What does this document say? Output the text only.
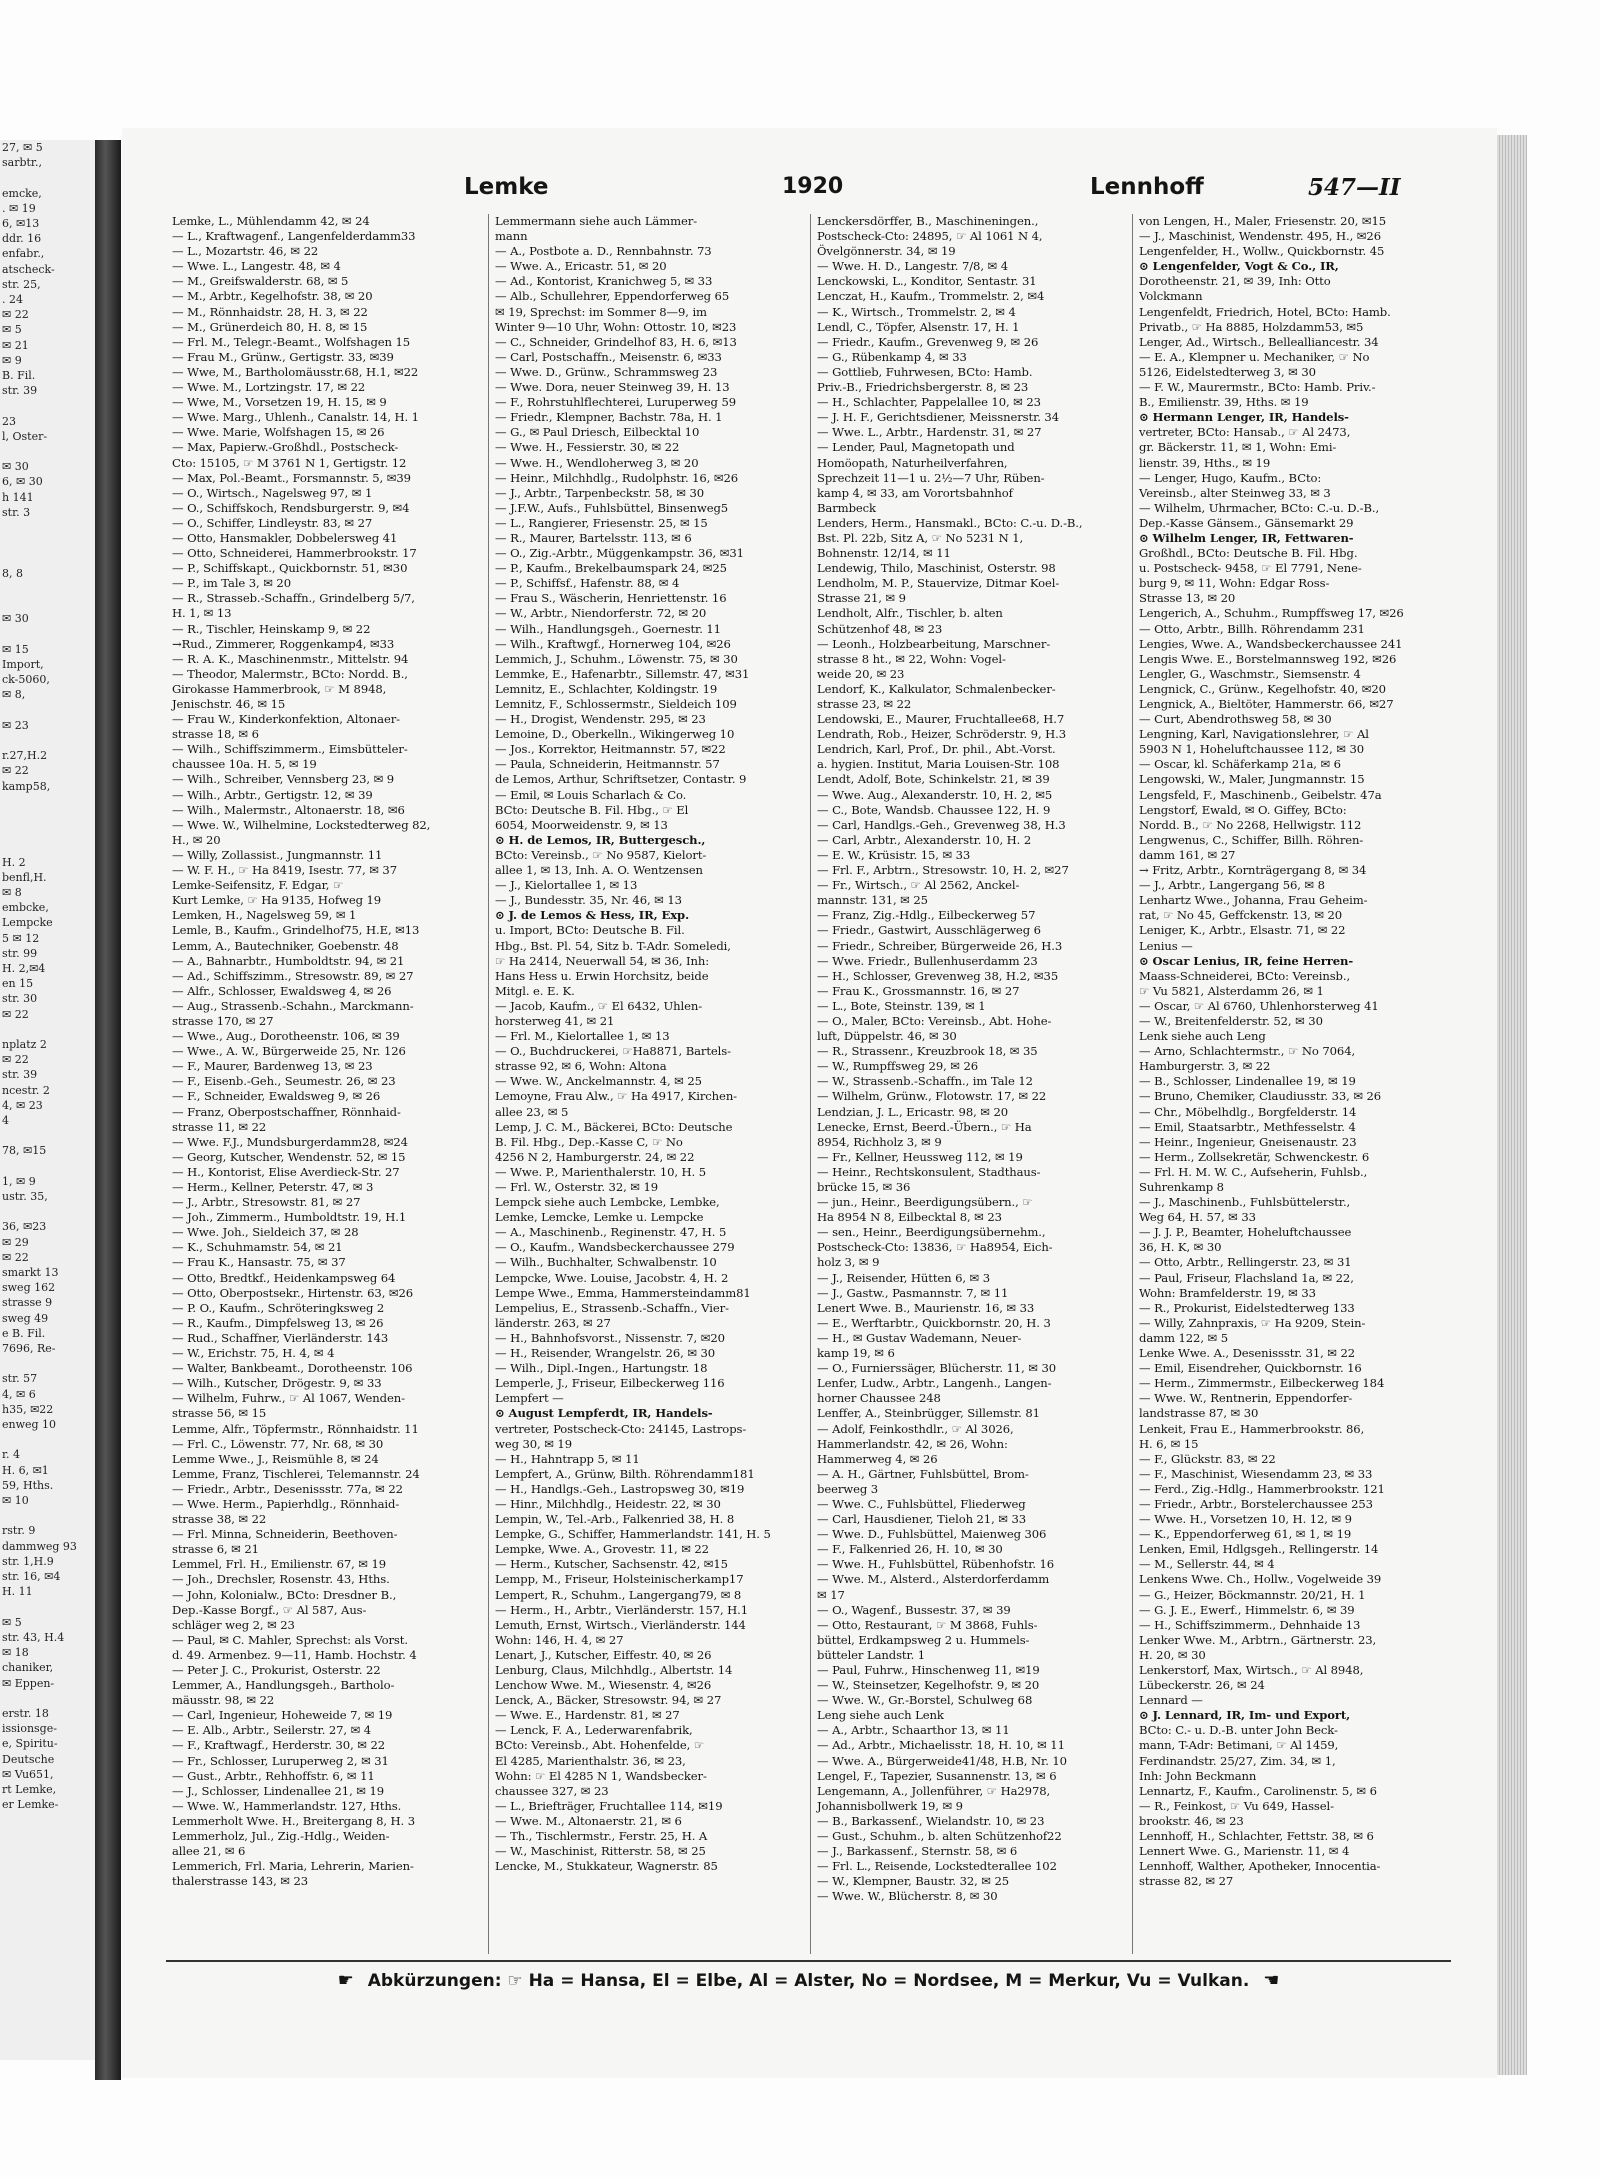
27, ✉ 5
sarbtr.,

emcke,
. ✉ 19
6, ✉13
ddr. 16
enfabr.,
atscheck-
str. 25,
. 24
✉ 22
✉ 5
✉ 21
✉ 9
B. Fil.
str. 39

23
l, Oster-

✉ 30
6, ✉ 30
h 141
str. 3

8, 8

✉ 30

✉ 15
Import,
ck-5060,
✉ 8,

✉ 23

r.27,H.2
✉ 22
kamp58,

H. 2
benfl,H.
✉ 8
embcke,
Lempcke
5 ✉ 12
str. 99
H. 2,✉4
en 15
str. 30
✉ 22

nplatz 2
✉ 22
str. 39
ncestr. 2
4, ✉ 23
4

78, ✉15

1, ✉ 9
ustr. 35,

36, ✉23
✉ 29
✉ 22
smarkt 13
sweg 162
strasse 9
sweg 49
e B. Fil.
7696, Re-

str. 57
4, ✉ 6
h35, ✉22
enweg 10

r. 4
H. 6, ✉1
59, Hths.
✉ 10

rstr. 9
dammweg 93
str. 1,H.9
str. 16, ✉4
H. 11

✉ 5
str. 43, H.4
✉ 18
chaniker,
✉ Eppen-

erstr. 18
issionsge-
e, Spiritu-
Deutsche
✉ Vu651,
rt Lemke,
er Lemke-
Lemke	1920	Lennhoff	547—II
Lemke, L., Mühlendamm 42, ✉ 24
— L., Kraftwagenf., Langenfelderdamm33
— L., Mozartstr. 46, ✉ 22
— Wwe. L., Langestr. 48, ✉ 4
— M., Greifswalderstr. 68, ✉ 5
— M., Arbtr., Kegelhofstr. 38, ✉ 20
— M., Rönnhaidstr. 28, H. 3, ✉ 22
— M., Grünerdeich 80, H. 8, ✉ 15
— Frl. M., Telegr.-Beamt., Wolfshagen 15
— Frau M., Grünw., Gertigstr. 33, ✉39
— Wwe, M., Bartholomäusstr.68, H.1, ✉22
— Wwe. M., Lortzingstr. 17, ✉ 22
— Wwe, M., Vorsetzen 19, H. 15, ✉ 9
— Wwe. Marg., Uhlenh., Canalstr. 14, H. 1
— Wwe. Marie, Wolfshagen 15, ✉ 26
— Max, Papierw.-Großhdl., Postscheck-
Cto: 15105, ☞ M 3761 N 1, Gertigstr. 12
— Max, Pol.-Beamt., Forsmannstr. 5, ✉39
— O., Wirtsch., Nagelsweg 97, ✉ 1
— O., Schiffskoch, Rendsburgerstr. 9, ✉4
— O., Schiffer, Lindleystr. 83, ✉ 27
— Otto, Hansmakler, Dobbelersweg 41
— Otto, Schneiderei, Hammerbrookstr. 17
— P., Schiffskapt., Quickbornstr. 51, ✉30
— P., im Tale 3, ✉ 20
— R., Strasseb.-Schaffn., Grindelberg 5/7,
H. 1, ✉ 13
— R., Tischler, Heinskamp 9, ✉ 22
→Rud., Zimmerer, Roggenkamp4, ✉33
— R. A. K., Maschinenmstr., Mittelstr. 94
— Theodor, Malermstr., BCto: Nordd. B.,
Girokasse Hammerbrook, ☞ M 8948,
Jenischstr. 46, ✉ 15
— Frau W., Kinderkonfektion, Altonaer-
strasse 18, ✉ 6
— Wilh., Schiffszimmerm., Eimsbütteler-
chaussee 10a. H. 5, ✉ 19
— Wilh., Schreiber, Vennsberg 23, ✉ 9
— Wilh., Arbtr., Gertigstr. 12, ✉ 39
— Wilh., Malermstr., Altonaerstr. 18, ✉6
— Wwe. W., Wilhelmine, Lockstedterweg 82,
H., ✉ 20
— Willy, Zollassist., Jungmannstr. 11
— W. F. H., ☞ Ha 8419, Isestr. 77, ✉ 37
Lemke-Seifensitz, F. Edgar, ☞
Kurt Lemke, ☞ Ha 9135, Hofweg 19
Lemken, H., Nagelsweg 59, ✉ 1
Lemle, B., Kaufm., Grindelhof75, H.E, ✉13
Lemm, A., Bautechniker, Goebenstr. 48
— A., Bahnarbtr., Humboldtstr. 94, ✉ 21
— Ad., Schiffszimm., Stresowstr. 89, ✉ 27
— Alfr., Schlosser, Ewaldsweg 4, ✉ 26
— Aug., Strassenb.-Schahn., Marckmann-
strasse 170, ✉ 27
— Wwe., Aug., Dorotheenstr. 106, ✉ 39
— Wwe., A. W., Bürgerweide 25, Nr. 126
— F., Maurer, Bardenweg 13, ✉ 23
— F., Eisenb.-Geh., Seumestr. 26, ✉ 23
— F., Schneider, Ewaldsweg 9, ✉ 26
— Franz, Oberpostschaffner, Rönnhaid-
strasse 11, ✉ 22
— Wwe. F.J., Mundsburgerdamm28, ✉24
— Georg, Kutscher, Wendenstr. 52, ✉ 15
— H., Kontorist, Elise Averdieck-Str. 27
— Herm., Kellner, Peterstr. 47, ✉ 3
— J., Arbtr., Stresowstr. 81, ✉ 27
— Joh., Zimmerm., Humboldtstr. 19, H.1
— Wwe. Joh., Sieldeich 37, ✉ 28
— K., Schuhmamstr. 54, ✉ 21
— Frau K., Hansastr. 75, ✉ 37
— Otto, Bredtkf., Heidenkampsweg 64
— Otto, Oberpostsekr., Hirtenstr. 63, ✉26
— P. O., Kaufm., Schröteringksweg 2
— R., Kaufm., Dimpfelsweg 13, ✉ 26
— Rud., Schaffner, Vierländerstr. 143
— W., Erichstr. 75, H. 4, ✉ 4
— Walter, Bankbeamt., Dorotheenstr. 106
— Wilh., Kutscher, Drögestr. 9, ✉ 33
— Wilhelm, Fuhrw., ☞ Al 1067, Wenden-
strasse 56, ✉ 15
Lemme, Alfr., Töpfermstr., Rönnhaidstr. 11
— Frl. C., Löwenstr. 77, Nr. 68, ✉ 30
Lemme Wwe., J., Reismühle 8, ✉ 24
Lemme, Franz, Tischlerei, Telemannstr. 24
— Friedr., Arbtr., Desenissstr. 77a, ✉ 22
— Wwe. Herm., Papierhdlg., Rönnhaid-
strasse 38, ✉ 22
— Frl. Minna, Schneiderin, Beethoven-
strasse 6, ✉ 21
Lemmel, Frl. H., Emilienstr. 67, ✉ 19
— Joh., Drechsler, Rosenstr. 43, Hths.
— John, Kolonialw., BCto: Dresdner B.,
Dep.-Kasse Borgf., ☞ Al 587, Aus-
schläger weg 2, ✉ 23
— Paul, ✉ C. Mahler, Sprechst: als Vorst.
d. 49. Armenbez. 9—11, Hamb. Hochstr. 4
— Peter J. C., Prokurist, Osterstr. 22
Lemmer, A., Handlungsgeh., Bartholo-
mäusstr. 98, ✉ 22
— Carl, Ingenieur, Hoheweide 7, ✉ 19
— E. Alb., Arbtr., Seilerstr. 27, ✉ 4
— F., Kraftwagf., Herderstr. 30, ✉ 22
— Fr., Schlosser, Luruperweg 2, ✉ 31
— Gust., Arbtr., Rehhoffstr. 6, ✉ 11
— J., Schlosser, Lindenallee 21, ✉ 19
— Wwe. W., Hammerlandstr. 127, Hths.
Lemmerholt Wwe. H., Breitergang 8, H. 3
Lemmerholz, Jul., Zig.-Hdlg., Weiden-
allee 21, ✉ 6
Lemmerich, Frl. Maria, Lehrerin, Marien-
thalerstrasse 143, ✉ 23
Lemmermann siehe auch Lämmer-
mann
— A., Postbote a. D., Rennbahnstr. 73
— Wwe. A., Ericastr. 51, ✉ 20
— Ad., Kontorist, Kranichweg 5, ✉ 33
— Alb., Schullehrer, Eppendorferweg 65
✉ 19, Sprechst: im Sommer 8—9, im
Winter 9—10 Uhr, Wohn: Ottostr. 10, ✉23
— C., Schneider, Grindelhof 83, H. 6, ✉13
— Carl, Postschaffn., Meisenstr. 6, ✉33
— Wwe. D., Grünw., Schrammsweg 23
— Wwe. Dora, neuer Steinweg 39, H. 13
— F., Rohrstuhlflechterei, Luruperweg 59
— Friedr., Klempner, Bachstr. 78a, H. 1
— G., ✉ Paul Driesch, Eilbecktal 10
— Wwe. H., Fessierstr. 30, ✉ 22
— Wwe. H., Wendloherweg 3, ✉ 20
— Heinr., Milchhdlg., Rudolphstr. 16, ✉26
— J., Arbtr., Tarpenbeckstr. 58, ✉ 30
— J.F.W., Aufs., Fuhlsbüttel, Binsenweg5
— L., Rangierer, Friesenstr. 25, ✉ 15
— R., Maurer, Bartelsstr. 113, ✉ 6
— O., Zig.-Arbtr., Müggenkampstr. 36, ✉31
— P., Kaufm., Brekelbaumspark 24, ✉25
— P., Schiffsf., Hafenstr. 88, ✉ 4
— Frau S., Wäscherin, Henriettenstr. 16
— W., Arbtr., Niendorferstr. 72, ✉ 20
— Wilh., Handlungsgeh., Goernestr. 11
— Wilh., Kraftwgf., Hornerweg 104, ✉26
Lemmich, J., Schuhm., Löwenstr. 75, ✉ 30
Lemmke, E., Hafenarbtr., Sillemstr. 47, ✉31
Lemnitz, E., Schlachter, Koldingstr. 19
Lemnitz, F., Schlossermstr., Sieldeich 109
— H., Drogist, Wendenstr. 295, ✉ 23
Lemoine, D., Oberkelln., Wikingerweg 10
— Jos., Korrektor, Heitmannstr. 57, ✉22
— Paula, Schneiderin, Heitmannstr. 57
de Lemos, Arthur, Schriftsetzer, Contastr. 9
— Emil, ✉ Louis Scharlach & Co.
BCto: Deutsche B. Fil. Hbg., ☞ El
6054, Moorweidenstr. 9, ✉ 13
⊙ H. de Lemos, IR, Buttergesch.,
BCto: Vereinsb., ☞ No 9587, Kielort-
allee 1, ✉ 13, Inh. A. O. Wentzensen
— J., Kielortallee 1, ✉ 13
— J., Bundesstr. 35, Nr. 46, ✉ 13
⊙ J. de Lemos & Hess, IR, Exp.
u. Import, BCto: Deutsche B. Fil.
Hbg., Bst. Pl. 54, Sitz b. T-Adr. Someledi,
☞ Ha 2414, Neuerwall 54, ✉ 36, Inh:
Hans Hess u. Erwin Horchsitz, beide
Mitgl. e. E. K.
— Jacob, Kaufm., ☞ El 6432, Uhlen-
horsterweg 41, ✉ 21
— Frl. M., Kielortallee 1, ✉ 13
— O., Buchdruckerei, ☞Ha8871, Bartels-
strasse 92, ✉ 6, Wohn: Altona
— Wwe. W., Anckelmannstr. 4, ✉ 25
Lemoyne, Frau Alw., ☞ Ha 4917, Kirchen-
allee 23, ✉ 5
Lemp, J. C. M., Bäckerei, BCto: Deutsche
B. Fil. Hbg., Dep.-Kasse C, ☞ No
4256 N 2, Hamburgerstr. 24, ✉ 22
— Wwe. P., Marienthalerstr. 10, H. 5
— Frl. W., Osterstr. 32, ✉ 19
Lempck siehe auch Lembcke, Lembke,
Lemke, Lemcke, Lemke u. Lempcke
— A., Maschinenb., Reginenstr. 47, H. 5
— O., Kaufm., Wandsbeckerchaussee 279
— Wilh., Buchhalter, Schwalbenstr. 10
Lempcke, Wwe. Louise, Jacobstr. 4, H. 2
Lempe Wwe., Emma, Hammersteindamm81
Lempelius, E., Strassenb.-Schaffn., Vier-
länderstr. 263, ✉ 27
— H., Bahnhofsvorst., Nissenstr. 7, ✉20
— H., Reisender, Wrangelstr. 26, ✉ 30
— Wilh., Dipl.-Ingen., Hartungstr. 18
Lemperle, J., Friseur, Eilbeckerweg 116
Lempfert —
⊙ August Lempferdt, IR, Handels-
vertreter, Postscheck-Cto: 24145, Lastrops-
weg 30, ✉ 19
— H., Hahntrapp 5, ✉ 11
Lempfert, A., Grünw, Bilth. Röhrendamm181
— H., Handlgs.-Geh., Lastropsweg 30, ✉19
— Hinr., Milchhdlg., Heidestr. 22, ✉ 30
Lempin, W., Tel.-Arb., Falkenried 38, H. 8
Lempke, G., Schiffer, Hammerlandstr. 141, H. 5
Lempke, Wwe. A., Grovestr. 11, ✉ 22
— Herm., Kutscher, Sachsenstr. 42, ✉15
Lempp, M., Friseur, Holsteinischerkamp17
Lempert, R., Schuhm., Langergang79, ✉ 8
— Herm., H., Arbtr., Vierländerstr. 157, H.1
Lemuth, Ernst, Wirtsch., Vierländerstr. 144
Wohn: 146, H. 4, ✉ 27
Lenart, J., Kutscher, Eiffestr. 40, ✉ 26
Lenburg, Claus, Milchhdlg., Albertstr. 14
Lenchow Wwe. M., Wiesenstr. 4, ✉26
Lenck, A., Bäcker, Stresowstr. 94, ✉ 27
— Wwe. E., Hardenstr. 81, ✉ 27
— Lenck, F. A., Lederwarenfabrik,
BCto: Vereinsb., Abt. Hohenfelde, ☞
El 4285, Marienthalstr. 36, ✉ 23,
Wohn: ☞ El 4285 N 1, Wandsbecker-
chaussee 327, ✉ 23
— L., Briefträger, Fruchtallee 114, ✉19
— Wwe. M., Altonaerstr. 21, ✉ 6
— Th., Tischlermstr., Ferstr. 25, H. A
— W., Maschinist, Ritterstr. 58, ✉ 25
Lencke, M., Stukkateur, Wagnerstr. 85
Lenckersdörffer, B., Maschineningen.,
Postscheck-Cto: 24895, ☞ Al 1061 N 4,
Övelgönnerstr. 34, ✉ 19
— Wwe. H. D., Langestr. 7/8, ✉ 4
Lenckowski, L., Konditor, Sentastr. 31
Lenczat, H., Kaufm., Trommelstr. 2, ✉4
— K., Wirtsch., Trommelstr. 2, ✉ 4
Lendl, C., Töpfer, Alsenstr. 17, H. 1
— Friedr., Kaufm., Grevenweg 9, ✉ 26
— G., Rübenkamp 4, ✉ 33
— Gottlieb, Fuhrwesen, BCto: Hamb.
Priv.-B., Friedrichsbergerstr. 8, ✉ 23
— H., Schlachter, Pappelallee 10, ✉ 23
— J. H. F., Gerichtsdiener, Meissnerstr. 34
— Wwe. L., Arbtr., Hardenstr. 31, ✉ 27
— Lender, Paul, Magnetopath und
Homöopath, Naturheilverfahren,
Sprechzeit 11—1 u. 2½—7 Uhr, Rüben-
kamp 4, ✉ 33, am Vorortsbahnhof
Barmbeck
Lenders, Herm., Hansmakl., BCto: C.-u. D.-B.,
Bst. Pl. 22b, Sitz A, ☞ No 5231 N 1,
Bohnenstr. 12/14, ✉ 11
Lendewig, Thilo, Maschinist, Osterstr. 98
Lendholm, M. P., Stauervize, Ditmar Koel-
Strasse 21, ✉ 9
Lendholt, Alfr., Tischler, b. alten
Schützenhof 48, ✉ 23
— Leonh., Holzbearbeitung, Marschner-
strasse 8 ht., ✉ 22, Wohn: Vogel-
weide 20, ✉ 23
Lendorf, K., Kalkulator, Schmalenbecker-
strasse 23, ✉ 22
Lendowski, E., Maurer, Fruchtallee68, H.7
Lendrath, Rob., Heizer, Schröderstr. 9, H.3
Lendrich, Karl, Prof., Dr. phil., Abt.-Vorst.
a. hygien. Institut, Maria Louisen-Str. 108
Lendt, Adolf, Bote, Schinkelstr. 21, ✉ 39
— Wwe. Aug., Alexanderstr. 10, H. 2, ✉5
— C., Bote, Wandsb. Chaussee 122, H. 9
— Carl, Handlgs.-Geh., Grevenweg 38, H.3
— Carl, Arbtr., Alexanderstr. 10, H. 2
— E. W., Krüsistr. 15, ✉ 33
— Frl. F., Arbtrn., Stresowstr. 10, H. 2, ✉27
— Fr., Wirtsch., ☞ Al 2562, Anckel-
mannstr. 131, ✉ 25
— Franz, Zig.-Hdlg., Eilbeckerweg 57
— Friedr., Gastwirt, Ausschlägerweg 6
— Friedr., Schreiber, Bürgerweide 26, H.3
— Wwe. Friedr., Bullenhuserdamm 23
— H., Schlosser, Grevenweg 38, H.2, ✉35
— Frau K., Grossmannstr. 16, ✉ 27
— L., Bote, Steinstr. 139, ✉ 1
— O., Maler, BCto: Vereinsb., Abt. Hohe-
luft, Düppelstr. 46, ✉ 30
— R., Strassenr., Kreuzbrook 18, ✉ 35
— W., Rumpffsweg 29, ✉ 26
— W., Strassenb.-Schaffn., im Tale 12
— Wilhelm, Grünw., Flotowstr. 17, ✉ 22
Lendzian, J. L., Ericastr. 98, ✉ 20
Lenecke, Ernst, Beerd.-Übern., ☞ Ha
8954, Richholz 3, ✉ 9
— Fr., Kellner, Heussweg 112, ✉ 19
— Heinr., Rechtskonsulent, Stadthaus-
brücke 15, ✉ 36
— jun., Heinr., Beerdigungsübern., ☞
Ha 8954 N 8, Eilbecktal 8, ✉ 23
— sen., Heinr., Beerdigungsübernehm.,
Postscheck-Cto: 13836, ☞ Ha8954, Eich-
holz 3, ✉ 9
— J., Reisender, Hütten 6, ✉ 3
— J., Gastw., Pasmannstr. 7, ✉ 11
Lenert Wwe. B., Maurienstr. 16, ✉ 33
— E., Werftarbtr., Quickbornstr. 20, H. 3
— H., ✉ Gustav Wademann, Neuer-
kamp 19, ✉ 6
— O., Furnierssäger, Blücherstr. 11, ✉ 30
Lenfer, Ludw., Arbtr., Langenh., Langen-
horner Chaussee 248
Lenffer, A., Steinbrügger, Sillemstr. 81
— Adolf, Feinkosthdlr., ☞ Al 3026,
Hammerlandstr. 42, ✉ 26, Wohn:
Hammerweg 4, ✉ 26
— A. H., Gärtner, Fuhlsbüttel, Brom-
beerweg 3
— Wwe. C., Fuhlsbüttel, Fliederweg
— Carl, Hausdiener, Tieloh 21, ✉ 33
— Wwe. D., Fuhlsbüttel, Maienweg 306
— F., Falkenried 26, H. 10, ✉ 30
— Wwe. H., Fuhlsbüttel, Rübenhofstr. 16
— Wwe. M., Alsterd., Alsterdorferdamm
✉ 17
— O., Wagenf., Bussestr. 37, ✉ 39
— Otto, Restaurant, ☞ M 3868, Fuhls-
büttel, Erdkampsweg 2 u. Hummels-
bütteler Landstr. 1
— Paul, Fuhrw., Hinschenweg 11, ✉19
— W., Steinsetzer, Kegelhofstr. 9, ✉ 20
— Wwe. W., Gr.-Borstel, Schulweg 68
Leng siehe auch Lenk
— A., Arbtr., Schaarthor 13, ✉ 11
— Ad., Arbtr., Michaelisstr. 18, H. 10, ✉ 11
— Wwe. A., Bürgerweide41/48, H.B, Nr. 10
Lengel, F., Tapezier, Susannenstr. 13, ✉ 6
Lengemann, A., Jollenführer, ☞ Ha2978,
Johannisbollwerk 19, ✉ 9
— B., Barkassenf., Wielandstr. 10, ✉ 23
— Gust., Schuhm., b. alten Schützenhof22
— J., Barkassenf., Sternstr. 58, ✉ 6
— Frl. L., Reisende, Lockstedterallee 102
— W., Klempner, Baustr. 32, ✉ 25
— Wwe. W., Blücherstr. 8, ✉ 30
von Lengen, H., Maler, Friesenstr. 20, ✉15
— J., Maschinist, Wendenstr. 495, H., ✉26
Lengenfelder, H., Wollw., Quickbornstr. 45
⊙ Lengenfelder, Vogt & Co., IR,
Dorotheenstr. 21, ✉ 39, Inh: Otto
Volckmann
Lengenfeldt, Friedrich, Hotel, BCto: Hamb.
Privatb., ☞ Ha 8885, Holzdamm53, ✉5
Lenger, Ad., Wirtsch., Bellealliancestr. 34
— E. A., Klempner u. Mechaniker, ☞ No
5126, Eidelstedterweg 3, ✉ 30
— F. W., Maurermstr., BCto: Hamb. Priv.-
B., Emilienstr. 39, Hths. ✉ 19
⊙ Hermann Lenger, IR, Handels-
vertreter, BCto: Hansab., ☞ Al 2473,
gr. Bäckerstr. 11, ✉ 1, Wohn: Emi-
lienstr. 39, Hths., ✉ 19
— Lenger, Hugo, Kaufm., BCto:
Vereinsb., alter Steinweg 33, ✉ 3
— Wilhelm, Uhrmacher, BCto: C.-u. D.-B.,
Dep.-Kasse Gänsem., Gänsemarkt 29
⊙ Wilhelm Lenger, IR, Fettwaren-
Großhdl., BCto: Deutsche B. Fil. Hbg.
u. Postscheck- 9458, ☞ El 7791, Nene-
burg 9, ✉ 11, Wohn: Edgar Ross-
Strasse 13, ✉ 20
Lengerich, A., Schuhm., Rumpffsweg 17, ✉26
— Otto, Arbtr., Billh. Röhrendamm 231
Lengies, Wwe. A., Wandsbeckerchaussee 241
Lengis Wwe. E., Borstelmannsweg 192, ✉26
Lengler, G., Waschmstr., Siemsenstr. 4
Lengnick, C., Grünw., Kegelhofstr. 40, ✉20
Lengnick, A., Bieltöter, Hammerstr. 66, ✉27
— Curt, Abendrothsweg 58, ✉ 30
Lengning, Karl, Navigationslehrer, ☞ Al
5903 N 1, Hoheluftchaussee 112, ✉ 30
— Oscar, kl. Schäferkamp 21a, ✉ 6
Lengowski, W., Maler, Jungmannstr. 15
Lengsfeld, F., Maschinenb., Geibelstr. 47a
Lengstorf, Ewald, ✉ O. Giffey, BCto:
Nordd. B., ☞ No 2268, Hellwigstr. 112
Lengwenus, C., Schiffer, Billh. Röhren-
damm 161, ✉ 27
→ Fritz, Arbtr., Kornträgergang 8, ✉ 34
— J., Arbtr., Langergang 56, ✉ 8
Lenhartz Wwe., Johanna, Frau Geheim-
rat, ☞ No 45, Geffckenstr. 13, ✉ 20
Leniger, K., Arbtr., Elsastr. 71, ✉ 22
Lenius —
⊙ Oscar Lenius, IR, feine Herren-
Maass-Schneiderei, BCto: Vereinsb.,
☞ Vu 5821, Alsterdamm 26, ✉ 1
— Oscar, ☞ Al 6760, Uhlenhorsterweg 41
— W., Breitenfelderstr. 52, ✉ 30
Lenk siehe auch Leng
— Arno, Schlachtermstr., ☞ No 7064,
Hamburgerstr. 3, ✉ 22
— B., Schlosser, Lindenallee 19, ✉ 19
— Bruno, Chemiker, Claudiusstr. 33, ✉ 26
— Chr., Möbelhdlg., Borgfelderstr. 14
— Emil, Staatsarbtr., Methfesselstr. 4
— Heinr., Ingenieur, Gneisenaustr. 23
— Herm., Zollsekretär, Schwenckestr. 6
— Frl. H. M. W. C., Aufseherin, Fuhlsb.,
Suhrenkamp 8
— J., Maschinenb., Fuhlsbüttelerstr.,
Weg 64, H. 57, ✉ 33
— J. J. P., Beamter, Hoheluftchaussee
36, H. K, ✉ 30
— Otto, Arbtr., Rellingerstr. 23, ✉ 31
— Paul, Friseur, Flachsland 1a, ✉ 22,
Wohn: Bramfelderstr. 19, ✉ 33
— R., Prokurist, Eidelstedterweg 133
— Willy, Zahnpraxis, ☞ Ha 9209, Stein-
damm 122, ✉ 5
Lenke Wwe. A., Desenissstr. 31, ✉ 22
— Emil, Eisendreher, Quickbornstr. 16
— Herm., Zimmermstr., Eilbeckerweg 184
— Wwe. W., Rentnerin, Eppendorfer-
landstrasse 87, ✉ 30
Lenkeit, Frau E., Hammerbrookstr. 86,
H. 6, ✉ 15
— F., Glückstr. 83, ✉ 22
— F., Maschinist, Wiesendamm 23, ✉ 33
— Ferd., Zig.-Hdlg., Hammerbrookstr. 121
— Friedr., Arbtr., Borstelerchaussee 253
— Wwe. H., Vorsetzen 10, H. 12, ✉ 9
— K., Eppendorferweg 61, ✉ 1, ✉ 19
Lenken, Emil, Hdlgsgeh., Rellingerstr. 14
— M., Sellerstr. 44, ✉ 4
Lenkens Wwe. Ch., Hollw., Vogelweide 39
— G., Heizer, Böckmannstr. 20/21, H. 1
— G. J. E., Ewerf., Himmelstr. 6, ✉ 39
— H., Schiffszimmerm., Dehnhaide 13
Lenker Wwe. M., Arbtrn., Gärtnerstr. 23,
H. 20, ✉ 30
Lenkerstorf, Max, Wirtsch., ☞ Al 8948,
Lübeckerstr. 26, ✉ 24
Lennard —
⊙ J. Lennard, IR, Im- und Export,
BCto: C.- u. D.-B. unter John Beck-
mann, T-Adr: Betimani, ☞ Al 1459,
Ferdinandstr. 25/27, Zim. 34, ✉ 1,
Inh: John Beckmann
Lennartz, F., Kaufm., Carolinenstr. 5, ✉ 6
— R., Feinkost, ☞ Vu 649, Hassel-
brookstr. 46, ✉ 23
Lennhoff, H., Schlachter, Fettstr. 38, ✉ 6
Lennert Wwe. G., Marienstr. 11, ✉ 4
Lennhoff, Walther, Apotheker, Innocentia-
strasse 82, ✉ 27
☛ Abkürzungen: ☞ Ha = Hansa, El = Elbe, Al = Alster, No = Nordsee, M = Merkur, Vu = Vulkan. ☚
